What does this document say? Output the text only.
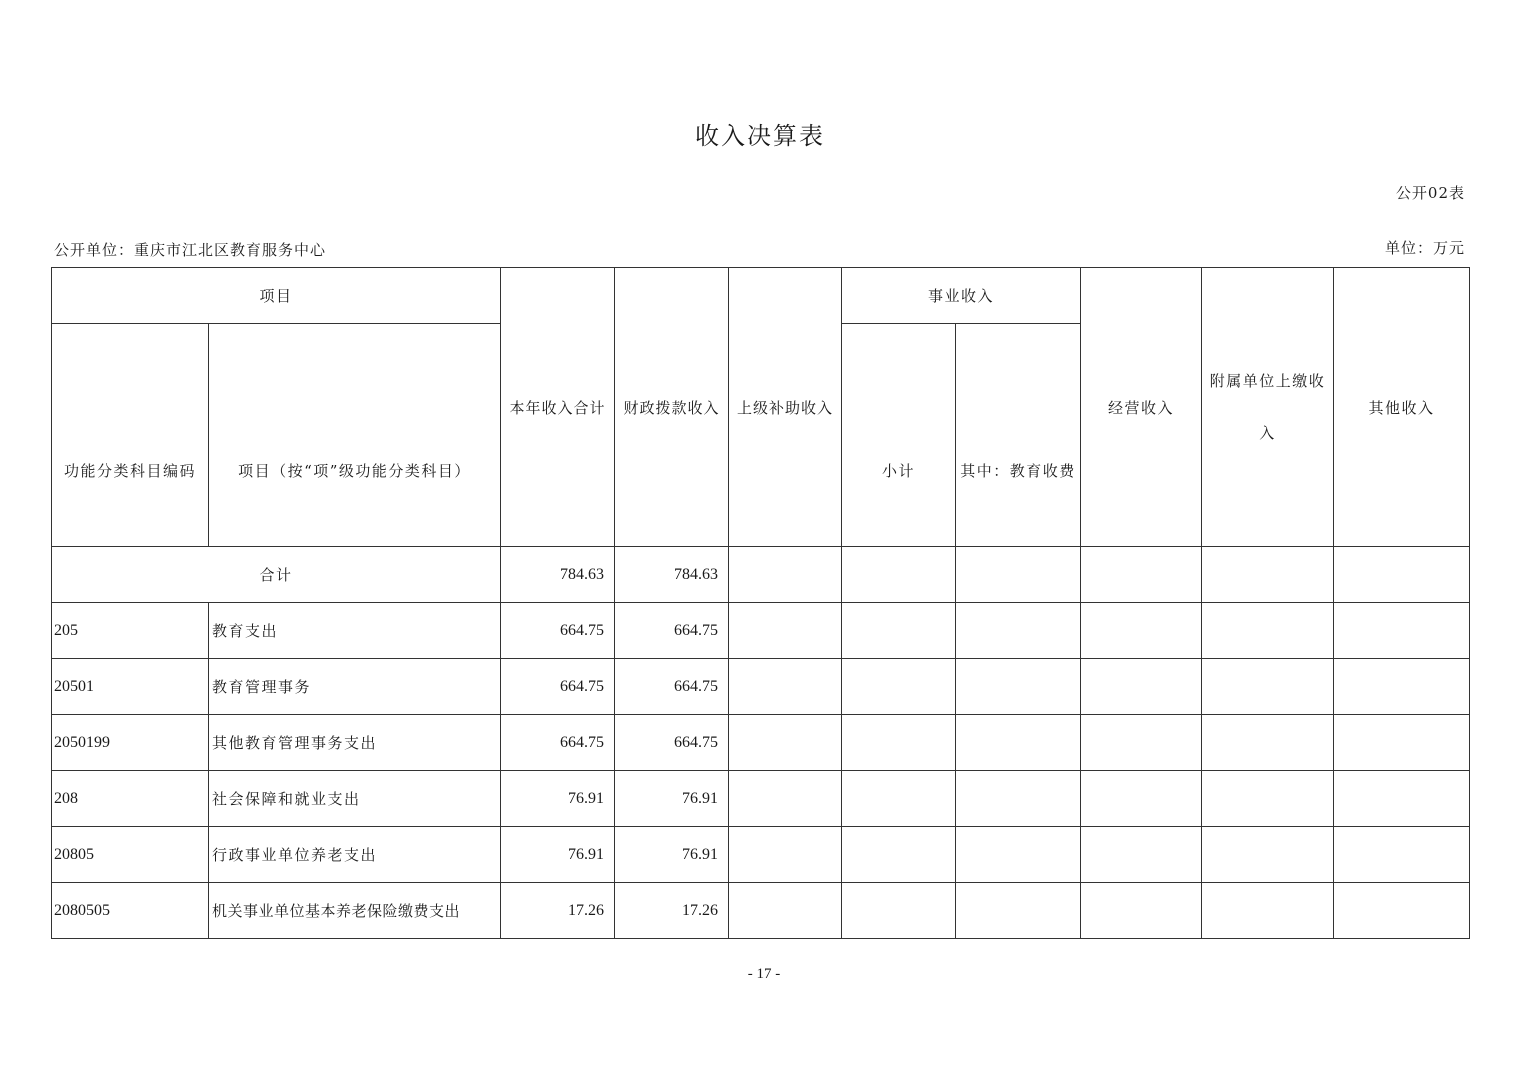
收入决算表
公开02表
公开单位：重庆市江北区教育服务中心	单位：万元
项目		本年收入合计	财政拨款收入	上级补助收入	事业收入		经营收入	附属单位上缴收入	其他收入
功能分类科目编码	项目（按“项”级功能分类科目）				小计	其中：教育收费			
合计		784.63	784.63						
205	教育支出	664.75	664.75						
20501	教育管理事务	664.75	664.75						
2050199	其他教育管理事务支出	664.75	664.75						
208	社会保障和就业支出	76.91	76.91						
20805	行政事业单位养老支出	76.91	76.91						
2080505	机关事业单位基本养老保险缴费支出	17.26	17.26						
- 17 -
